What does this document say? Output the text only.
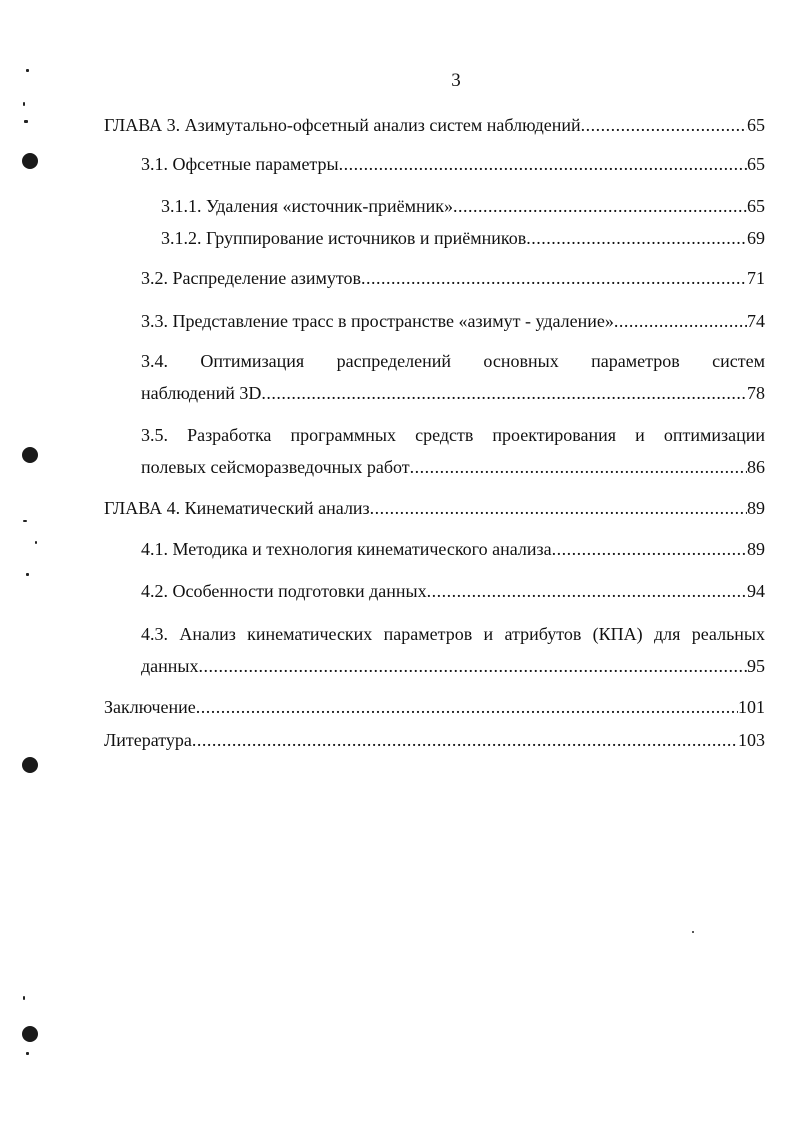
3
ГЛАВА 3. Азимутально-офсетный анализ систем наблюдений .....	65
3.1. Офсетные параметры .....	65
3.1.1. Удаления «источник-приёмник» .....	65
3.1.2. Группирование источников и приёмников .....	69
3.2. Распределение азимутов .....	71
3.3. Представление трасс в пространстве «азимут - удаление» .....	74
3.4. Оптимизация распределений основных параметров систем
наблюдений 3D .....	78
3.5. Разработка программных средств проектирования и оптимизации
полевых сейсморазведочных работ .....	86
ГЛАВА 4. Кинематический анализ .....	89
4.1. Методика и технология кинематического анализа .....	89
4.2. Особенности подготовки данных .....	94
4.3. Анализ кинематических параметров и атрибутов (КПА) для реальных
данных .....	95
Заключение .....	101
Литература .....	103
